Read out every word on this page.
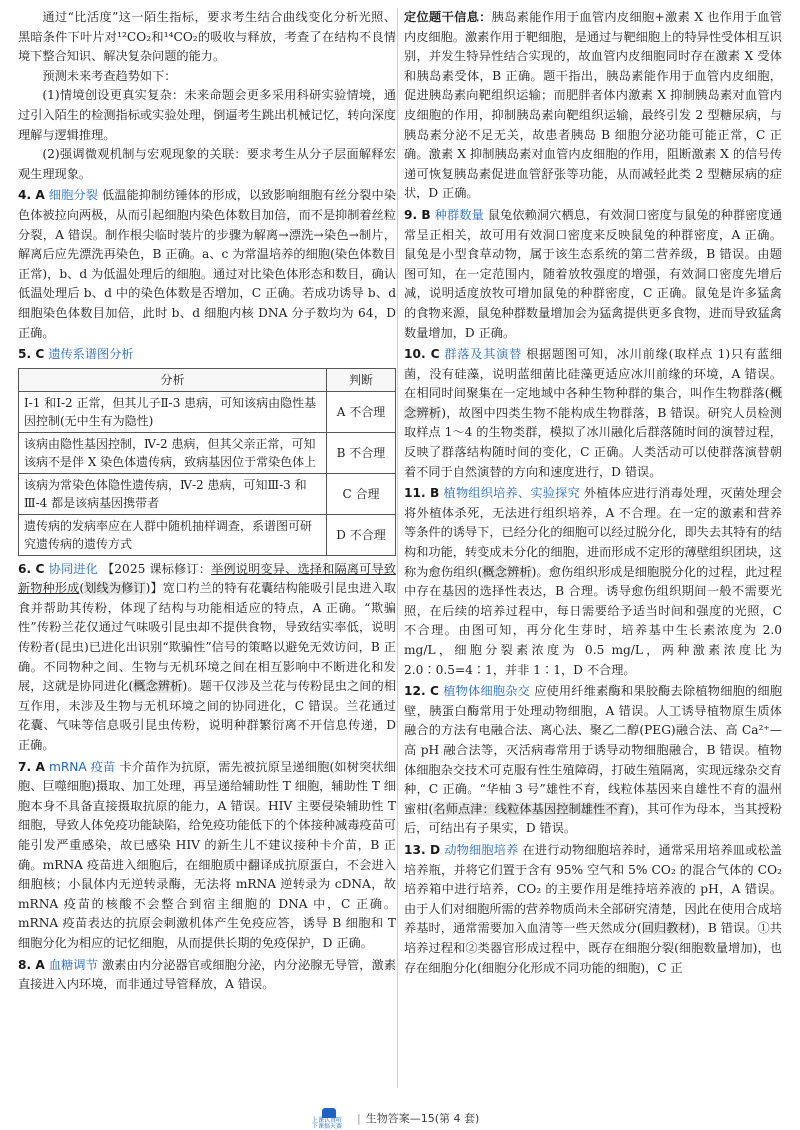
通过“比活度”这一陌生指标，要求考生结合曲线变化分析光照、黑暗条件下叶片对¹²CO₂和¹⁴CO₂的吸收与释放，考查了在结构不良情境下整合知识、解决复杂问题的能力。

预测未来考查趋势如下：

(1)情境创设更真实复杂：未来命题会更多采用科研实验情境，通过引入陌生的检测指标或实验处理，倒逼考生跳出机械记忆，转向深度理解与逻辑推理。

(2)强调微观机制与宏观现象的关联：要求考生从分子层面解释宏观生理现象。

4. A 细胞分裂 低温能抑制纺锤体的形成，以致影响细胞有丝分裂中染色体被拉向两极，从而引起细胞内染色体数目加倍，而不是抑制着丝粒分裂，A 错误。制作根尖临时装片的步骤为解离→漂洗→染色→制片，解离后应先漂洗再染色，B 正确。a、c 为常温培养的细胞(染色体数目正常)，b、d 为低温处理后的细胞。通过对比染色体形态和数目，确认低温处理后 b、d 中的染色体数是否增加，C 正确。若成功诱导 b、d 细胞染色体数目加倍，此时 b、d 细胞内核 DNA 分子数均为 64，D 正确。

5. C 遗传系谱图分析

分析	判断
Ⅰ-1 和Ⅰ-2 正常，但其儿子Ⅱ-3 患病，可知该病由隐性基因控制(无中生有为隐性)	A 不合理
该病由隐性基因控制，Ⅳ-2 患病，但其父亲正常，可知该病不是伴 X 染色体遗传病，致病基因位于常染色体上	B 不合理
该病为常染色体隐性遗传病，Ⅳ-2 患病，可知Ⅲ-3 和Ⅲ-4 都是该病基因携带者	C 合理
遗传病的发病率应在人群中随机抽样调查，系谱图可研究遗传病的遗传方式	D 不合理

6. C 协同进化 【2025 课标修订：举例说明变异、选择和隔离可导致新物种形成(划线为修订)】宽口杓兰的特有花囊结构能吸引昆虫进入取食并帮助其传粉，体现了结构与功能相适应的特点，A 正确。“欺骗性”传粉兰花仅通过气味吸引昆虫却不提供食物，导致结实率低，说明传粉者(昆虫)已进化出识别“欺骗性”信号的策略以避免无效访问，B 正确。不同物种之间、生物与无机环境之间在相互影响中不断进化和发展，这就是协同进化(概念辨析)。题干仅涉及兰花与传粉昆虫之间的相互作用，未涉及生物与无机环境之间的协同进化，C 错误。兰花通过花囊、气味等信息吸引昆虫传粉，说明种群繁衍离不开信息传递，D 正确。

7. A mRNA 疫苗 卡介苗作为抗原，需先被抗原呈递细胞(如树突状细胞、巨噬细胞)摄取、加工处理，再呈递给辅助性 T 细胞，辅助性 T 细胞本身不具备直接摄取抗原的能力，A 错误。HIV 主要侵染辅助性 T 细胞，导致人体免疫功能缺陷，给免疫功能低下的个体接种减毒疫苗可能引发严重感染，故已感染 HIV 的新生儿不建议接种卡介苗，B 正确。mRNA 疫苗进入细胞后，在细胞质中翻译成抗原蛋白，不会进入细胞核；小鼠体内无逆转录酶，无法将 mRNA 逆转录为 cDNA，故 mRNA 疫苗的核酸不会整合到宿主细胞的 DNA 中，C 正确。mRNA 疫苗表达的抗原会刺激机体产生免疫应答，诱导 B 细胞和 T 细胞分化为相应的记忆细胞，从而提供长期的免疫保护，D 正确。

8. A 血糖调节 激素由内分泌器官或细胞分泌，内分泌腺无导管，激素直接进入内环境，而非通过导管释放，A 错误。

定位题干信息：胰岛素能作用于血管内皮细胞+激素 X 也作用于血管内皮细胞。激素作用于靶细胞，是通过与靶细胞上的特异性受体相互识别，并发生特异性结合实现的，故血管内皮细胞同时存在激素 X 受体和胰岛素受体，B 正确。题干指出，胰岛素能作用于血管内皮细胞，促进胰岛素向靶组织运输；而肥胖者体内激素 X 抑制胰岛素对血管内皮细胞的作用，抑制胰岛素向靶组织运输，最终引发 2 型糖尿病，与胰岛素分泌不足无关，故患者胰岛 B 细胞分泌功能可能正常，C 正确。激素 X 抑制胰岛素对血管内皮细胞的作用，阻断激素 X 的信号传递可恢复胰岛素促进血管舒张等功能，从而减轻此类 2 型糖尿病的症状，D 正确。

9. B 种群数量 鼠兔依赖洞穴栖息，有效洞口密度与鼠兔的种群密度通常呈正相关，故可用有效洞口密度来反映鼠兔的种群密度，A 正确。鼠兔是小型食草动物，属于该生态系统的第二营养级，B 错误。由题图可知，在一定范围内，随着放牧强度的增强，有效洞口密度先增后减，说明适度放牧可增加鼠兔的种群密度，C 正确。鼠兔是许多猛禽的食物来源，鼠兔种群数量增加会为猛禽提供更多食物，进而导致猛禽数量增加，D 正确。

10. C 群落及其演替 根据题图可知，冰川前缘(取样点 1)只有蓝细菌，没有硅藻，说明蓝细菌比硅藻更适应冰川前缘的环境，A 错误。在相同时间聚集在一定地域中各种生物种群的集合，叫作生物群落(概念辨析)，故图中四类生物不能构成生物群落，B 错误。研究人员检测取样点 1～4 的生物类群，模拟了冰川融化后群落随时间的演替过程，反映了群落结构随时间的变化，C 正确。人类活动可以使群落演替朝着不同于自然演替的方向和速度进行，D 错误。

11. B 植物组织培养、实验探究 外植体应进行消毒处理，灭菌处理会将外植体杀死，无法进行组织培养，A 不合理。在一定的激素和营养等条件的诱导下，已经分化的细胞可以经过脱分化，即失去其特有的结构和功能，转变成未分化的细胞，进而形成不定形的薄壁组织团块，这称为愈伤组织(概念辨析)。愈伤组织形成是细胞脱分化的过程，此过程中存在基因的选择性表达，B 合理。诱导愈伤组织期间一般不需要光照，在后续的培养过程中，每日需要给予适当时间和强度的光照，C 不合理。由图可知，再分化生芽时，培养基中生长素浓度为 2.0 mg/L，细胞分裂素浓度为 0.5 mg/L，两种激素浓度比为 2.0∶0.5=4∶1，并非 1∶1，D 不合理。

12. C 植物体细胞杂交 应使用纤维素酶和果胶酶去除植物细胞的细胞壁，胰蛋白酶常用于处理动物细胞，A 错误。人工诱导植物原生质体融合的方法有电融合法、离心法、聚乙二醇(PEG)融合法、高 Ca²⁺—高 pH 融合法等，灭活病毒常用于诱导动物细胞融合，B 错误。植物体细胞杂交技术可克服有性生殖障碍，打破生殖隔离，实现远缘杂交育种，C 正确。“华柚 3 号”雄性不育，线粒体基因来自雄性不育的温州蜜柑(名师点津：线粒体基因控制雄性不育)，其可作为母本，当其授粉后，可结出有子果实，D 错误。

13. D 动物细胞培养 在进行动物细胞培养时，通常采用培养皿或松盖培养瓶，并将它们置于含有 95% 空气和 5% CO₂ 的混合气体的 CO₂ 培养箱中进行培养，CO₂ 的主要作用是维持培养液的 pH，A 错误。由于人们对细胞所需的营养物质尚未全部研究清楚，因此在使用合成培养基时，通常需要加入血清等一些天然成分(回归教材)，B 错误。①共培养过程和②类器官形成过程中，既存在细胞分裂(细胞数量增加)，也存在细胞分化(细胞分化形成不同功能的细胞)，C 正

上课认真听
下课搞天赛
| 生物答案—15(第 4 套)
